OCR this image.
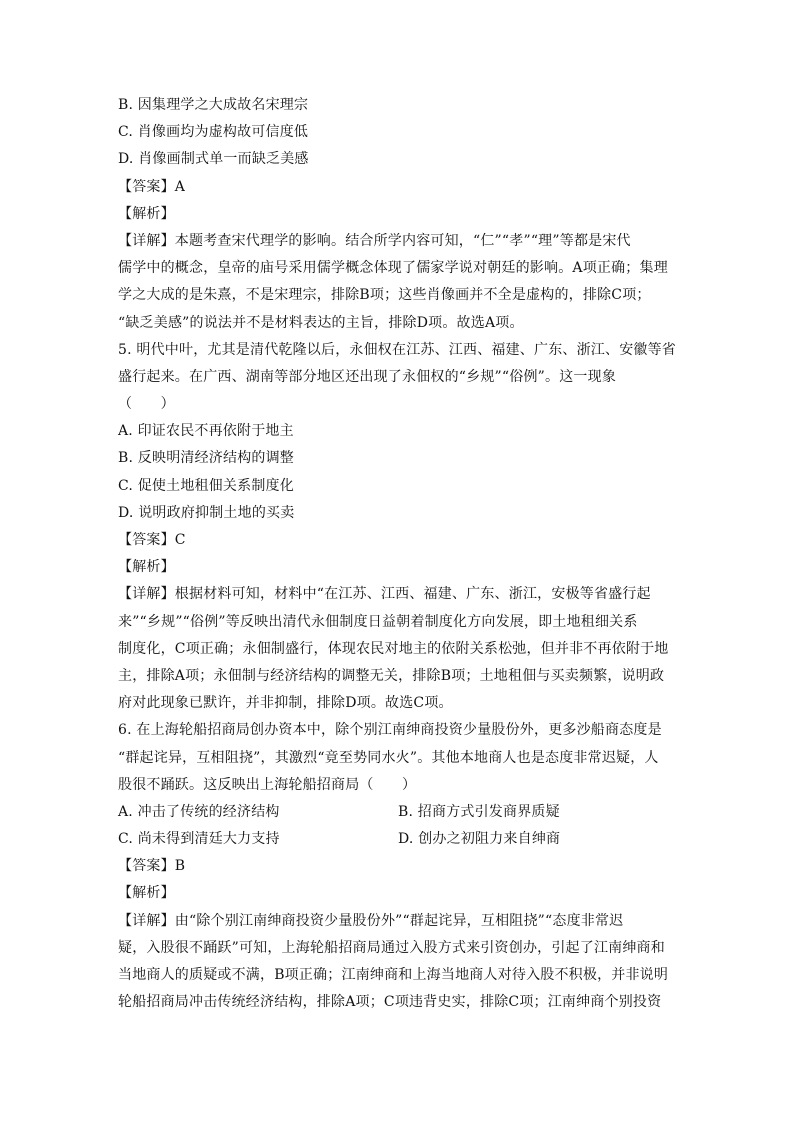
B. 因集理学之大成故名宋理宗
C. 肖像画均为虚构故可信度低
D. 肖像画制式单一而缺乏美感
【答案】A
【解析】
【详解】本题考查宋代理学的影响。结合所学内容可知，“仁”“孝”“理”等都是宋代
儒学中的概念，皇帝的庙号采用儒学概念体现了儒家学说对朝廷的影响。A项正确；集理
学之大成的是朱熹，不是宋理宗，排除B项；这些肖像画并不全是虚构的，排除C项；
“缺乏美感”的说法并不是材料表达的主旨，排除D项。故选A项。
5. 明代中叶，尤其是清代乾隆以后，永佃权在江苏、江西、福建、广东、浙江、安徽等省
盛行起来。在广西、湖南等部分地区还出现了永佃权的“乡规”“俗例”。这一现象
（　　）
A. 印证农民不再依附于地主
B. 反映明清经济结构的调整
C. 促使土地租佃关系制度化
D. 说明政府抑制土地的买卖
【答案】C
【解析】
【详解】根据材料可知，材料中“在江苏、江西、福建、广东、浙江，安极等省盛行起
来”“乡规”“俗例”等反映出清代永佃制度日益朝着制度化方向发展，即土地租细关系
制度化，C项正确；永佃制盛行，体现农民对地主的依附关系松弛，但并非不再依附于地
主，排除A项；永佃制与经济结构的调整无关，排除B项；土地租佃与买卖频繁，说明政
府对此现象已默许，并非抑制，排除D项。故选C项。
6. 在上海轮船招商局创办资本中，除个别江南绅商投资少量股份外，更多沙船商态度是
“群起诧异，互相阻挠”，其激烈“竟至势同水火”。其他本地商人也是态度非常迟疑，人
股很不踊跃。这反映出上海轮船招商局（　　）
A. 冲击了传统的经济结构	B. 招商方式引发商界质疑
C. 尚未得到清廷大力支持	D. 创办之初阻力来自绅商
【答案】B
【解析】
【详解】由“除个别江南绅商投资少量股份外”“群起诧异，互相阻挠”“态度非常迟
疑，入股很不踊跃”可知，上海轮船招商局通过入股方式来引资创办，引起了江南绅商和
当地商人的质疑或不满，B项正确；江南绅商和上海当地商人对待入股不积极，并非说明
轮船招商局冲击传统经济结构，排除A项；C项违背史实，排除C项；江南绅商个别投资
